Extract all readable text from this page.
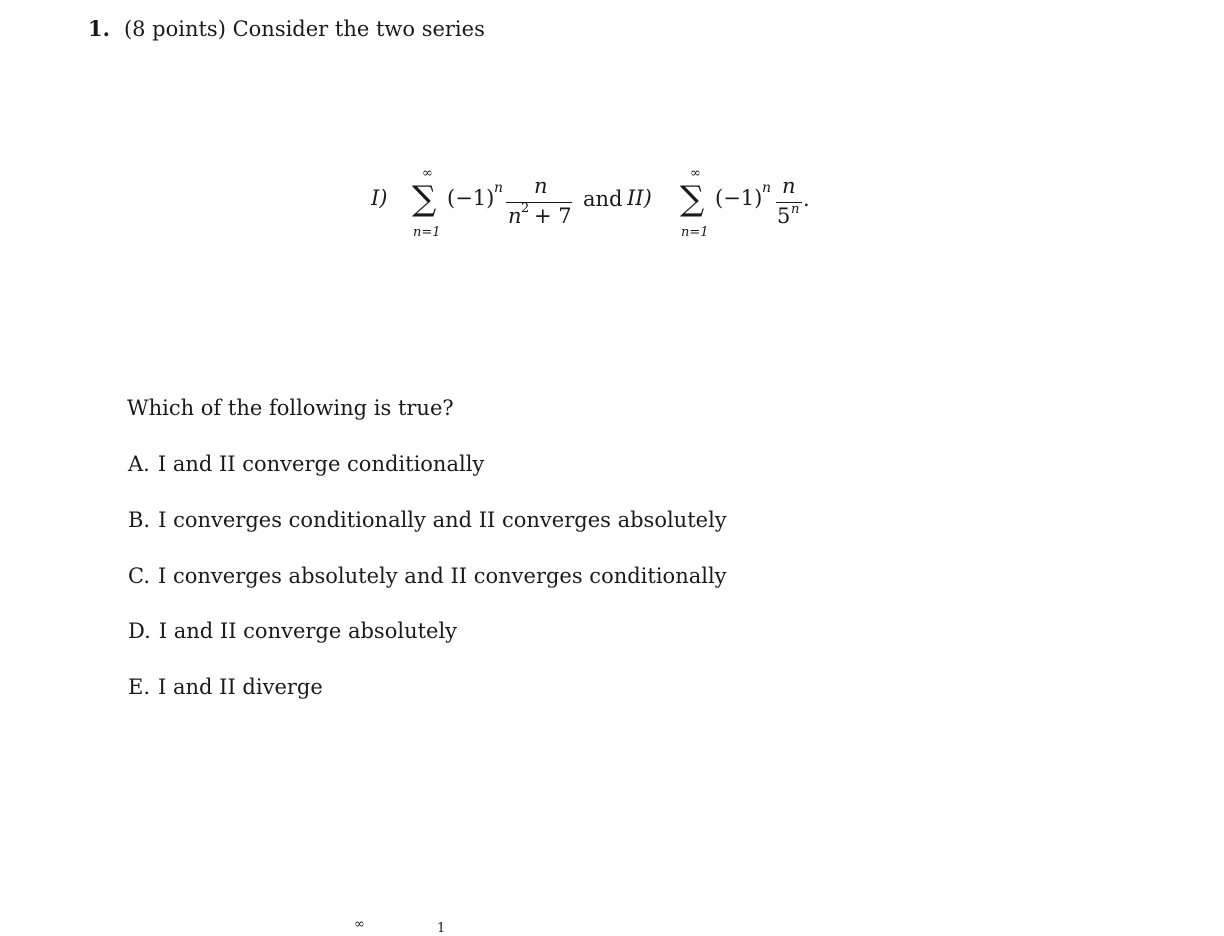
1. (8 points) Consider the two series
I)
∞
∑
n=1
(−1) n n
n 2 + 7
and II)
∞
∑
n=1
(−1) n n
5 n .
Which of the following is true?
A. I and II converge conditionally
B. I converges conditionally and II converges absolutely
C. I converges absolutely and II converges conditionally
D. I and II converge absolutely
E. I and II diverge
∞	1
